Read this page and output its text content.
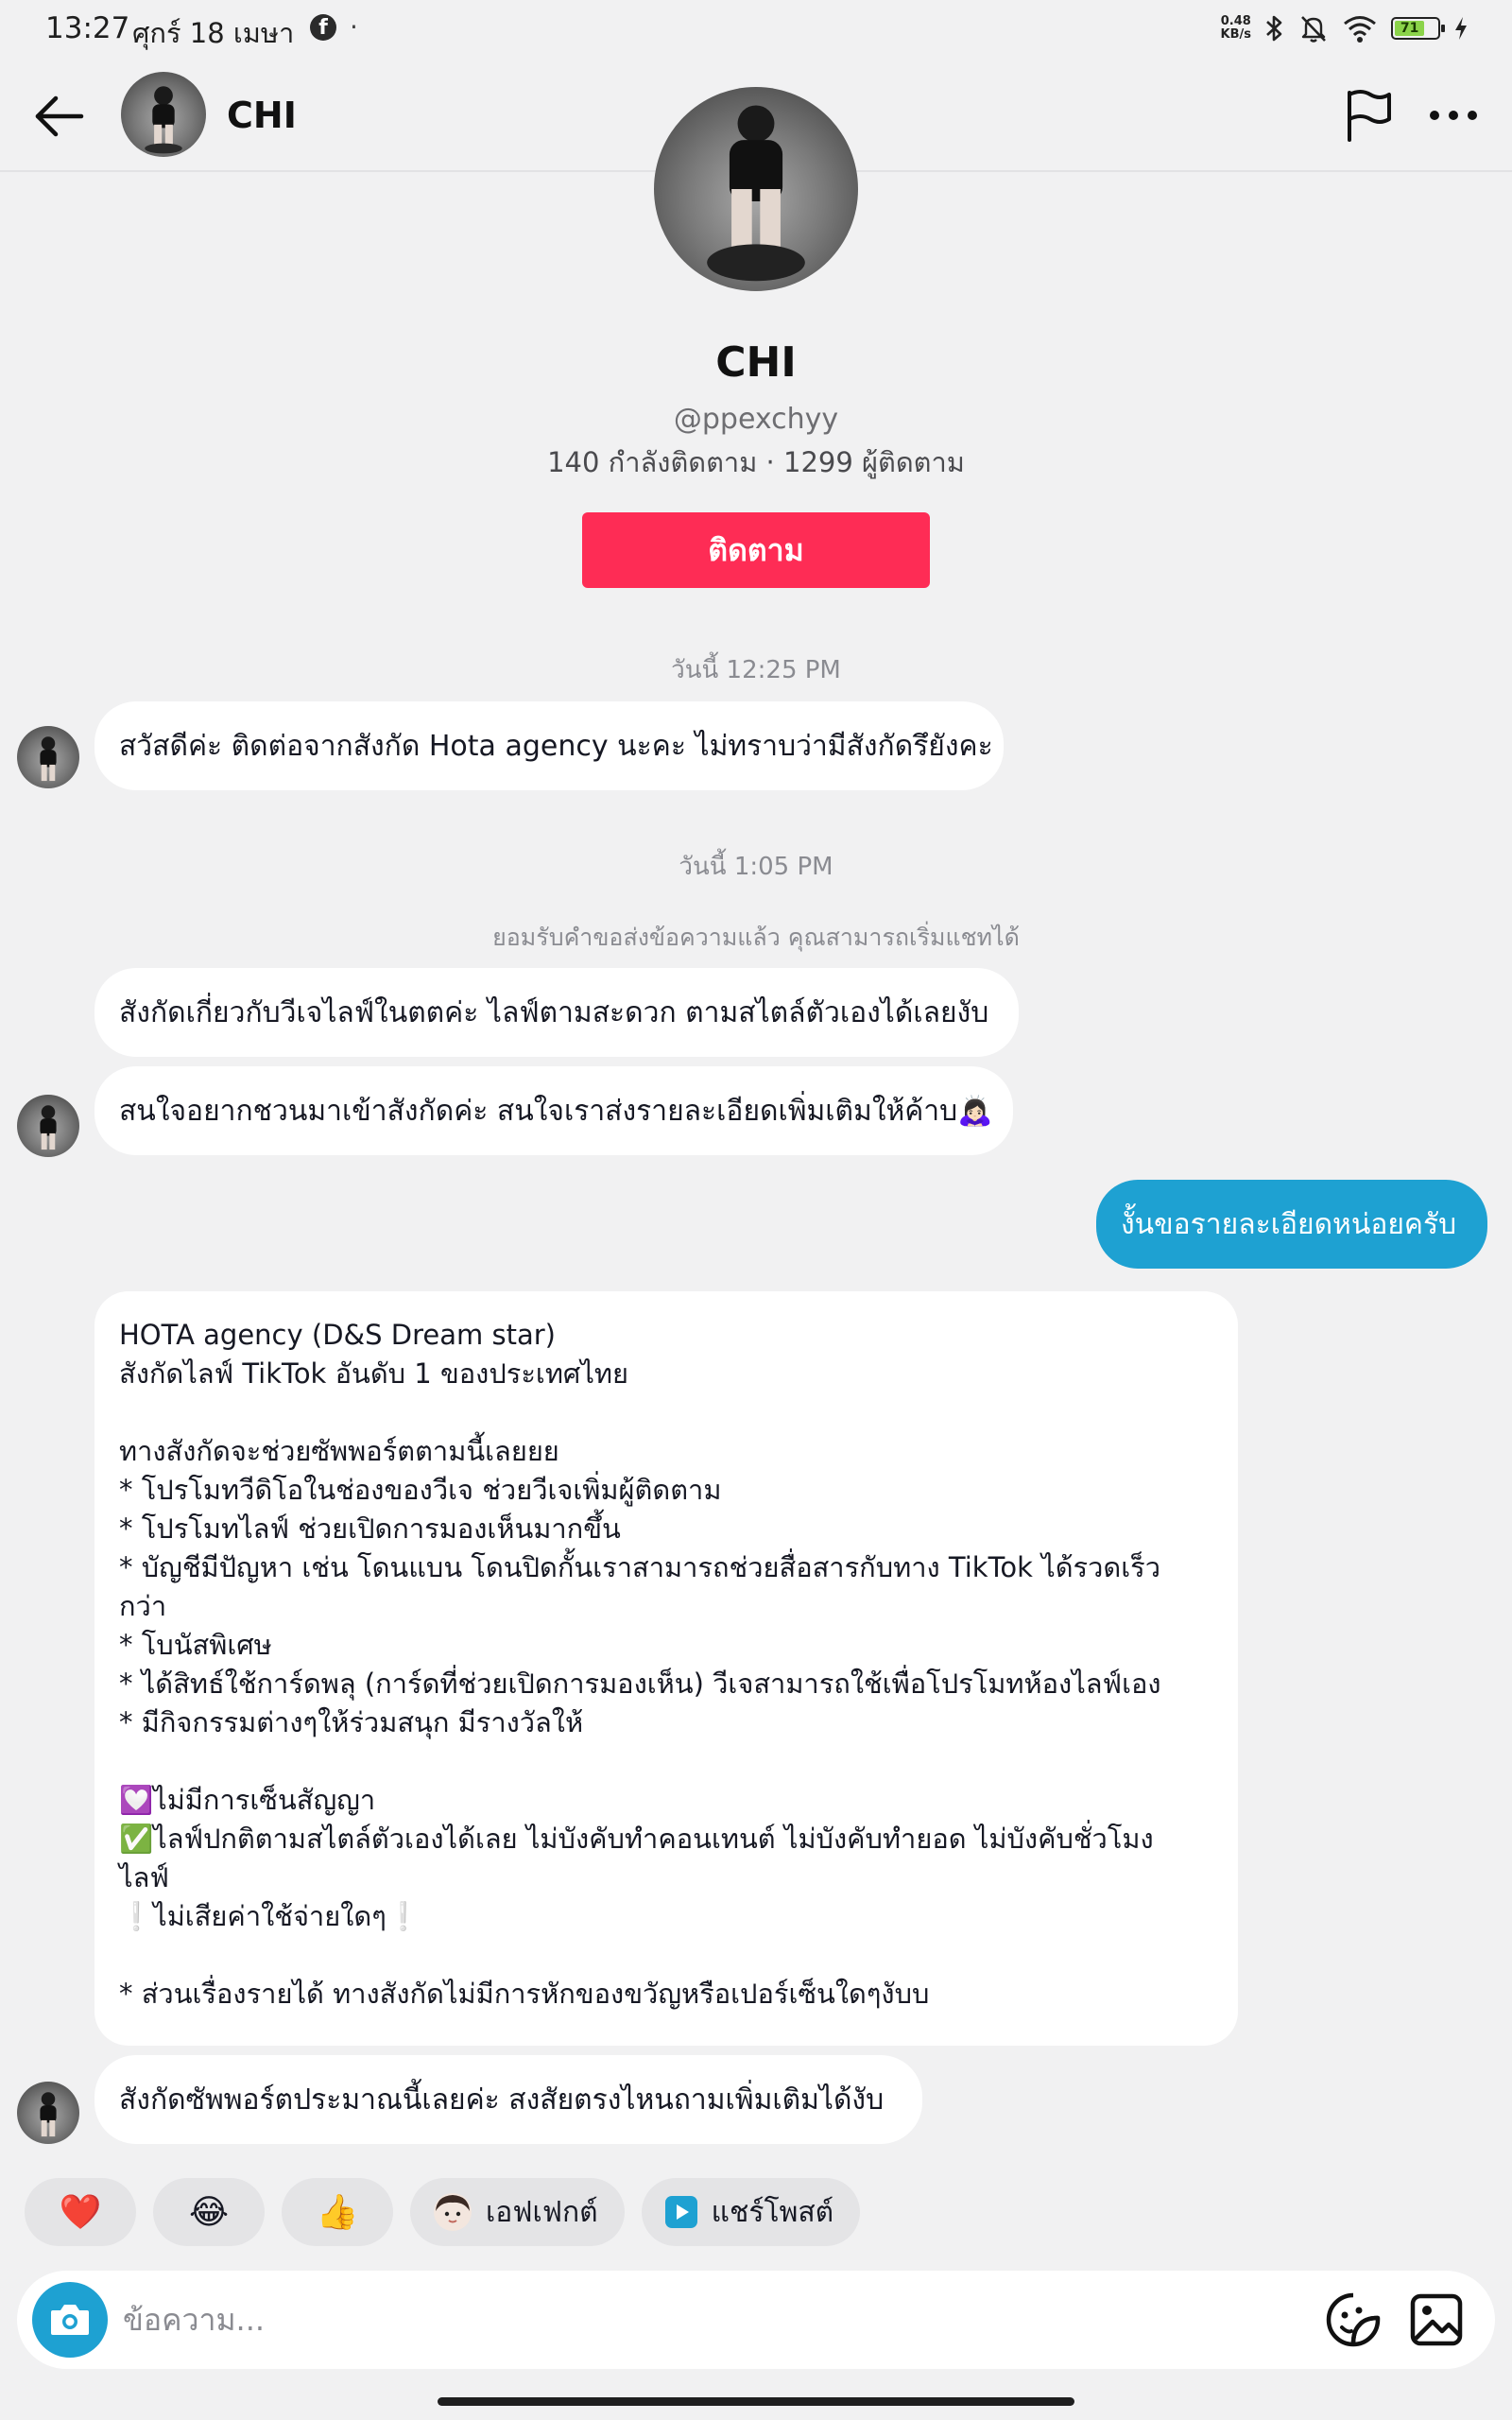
13:27 ศุกร์ 18 เมษา	f ·	0.48
KB/s	71
CHI
CHI
@ppexchyy
140 กำลังติดตาม · 1299 ผู้ติดตาม
ติดตาม
วันนี้ 12:25 PM
สวัสดีค่ะ ติดต่อจากสังกัด Hota agency นะคะ ไม่ทราบว่ามีสังกัดรึยังคะ
วันนี้ 1:05 PM
ยอมรับคำขอส่งข้อความแล้ว คุณสามารถเริ่มแชทได้
สังกัดเกี่ยวกับวีเจไลฟ์ในตตค่ะ ไลฟ์ตามสะดวก ตามสไตล์ตัวเองได้เลยงับ
สนใจอยากชวนมาเข้าสังกัดค่ะ สนใจเราส่งรายละเอียดเพิ่มเติมให้ค้าบ🙇🏻‍♀️
งั้นขอรายละเอียดหน่อยครับ
HOTA agency (D&S Dream star)
สังกัดไลฟ์ TikTok อันดับ 1 ของประเทศไทย

ทางสังกัดจะช่วยซัพพอร์ตตามนี้เลยยย
* โปรโมทวีดิโอในช่องของวีเจ ช่วยวีเจเพิ่มผู้ติดตาม
* โปรโมทไลฟ์ ช่วยเปิดการมองเห็นมากขึ้น
* บัญชีมีปัญหา เช่น โดนแบน โดนปิดกั้นเราสามารถช่วยสื่อสารกับทาง TikTok ได้รวดเร็ว
กว่า
* โบนัสพิเศษ
* ได้สิทธ์ใช้การ์ดพลุ (การ์ดที่ช่วยเปิดการมองเห็น) วีเจสามารถใช้เพื่อโปรโมทห้องไลฟ์เอง
* มีกิจกรรมต่างๆให้ร่วมสนุก มีรางวัลให้

💟ไม่มีการเซ็นสัญญา
✅ไลฟ์ปกติตามสไตล์ตัวเองได้เลย ไม่บังคับทำคอนเทนต์ ไม่บังคับทำยอด ไม่บังคับชั่วโมง
ไลฟ์
❕ไม่เสียค่าใช้จ่ายใดๆ❕

* ส่วนเรื่องรายได้ ทางสังกัดไม่มีการหักของขวัญหรือเปอร์เซ็นใดๆงับบ
สังกัดซัพพอร์ตประมาณนี้เลยค่ะ สงสัยตรงไหนถามเพิ่มเติมได้งับ
❤️	😂	👍	เอฟเฟกต์	แชร์โพสต์
ข้อความ...
